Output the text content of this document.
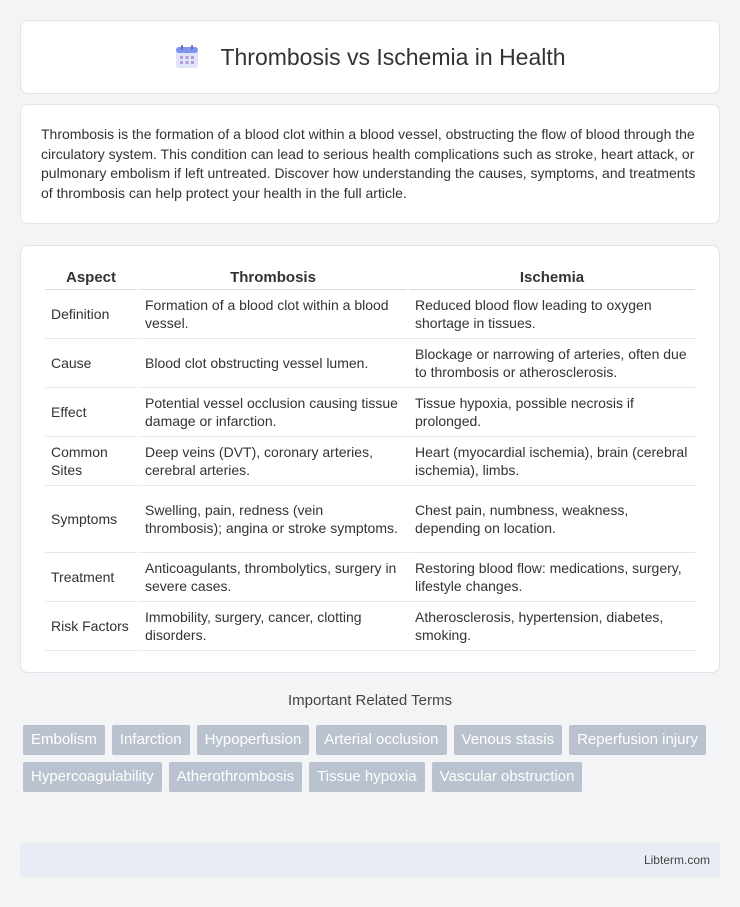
Thrombosis vs Ischemia in Health

Thrombosis is the formation of a blood clot within a blood vessel, obstructing the flow of blood through the circulatory system. This condition can lead to serious health complications such as stroke, heart attack, or pulmonary embolism if left untreated. Discover how understanding the causes, symptoms, and treatments of thrombosis can help protect your health in the full article.

Aspect	Thrombosis	Ischemia
Definition	Formation of a blood clot within a blood vessel.	Reduced blood flow leading to oxygen shortage in tissues.
Cause	Blood clot obstructing vessel lumen.	Blockage or narrowing of arteries, often due to thrombosis or atherosclerosis.
Effect	Potential vessel occlusion causing tissue damage or infarction.	Tissue hypoxia, possible necrosis if prolonged.
Common Sites	Deep veins (DVT), coronary arteries, cerebral arteries.	Heart (myocardial ischemia), brain (cerebral ischemia), limbs.
Symptoms	Swelling, pain, redness (vein thrombosis); angina or stroke symptoms.	Chest pain, numbness, weakness, depending on location.
Treatment	Anticoagulants, thrombolytics, surgery in severe cases.	Restoring blood flow: medications, surgery, lifestyle changes.
Risk Factors	Immobility, surgery, cancer, clotting disorders.	Atherosclerosis, hypertension, diabetes, smoking.
Important Related Terms
Embolism	Infarction	Hypoperfusion	Arterial occlusion	Venous stasis	Reperfusion injury
Hypercoagulability	Atherothrombosis	Tissue hypoxia	Vascular obstruction
Libterm.com
